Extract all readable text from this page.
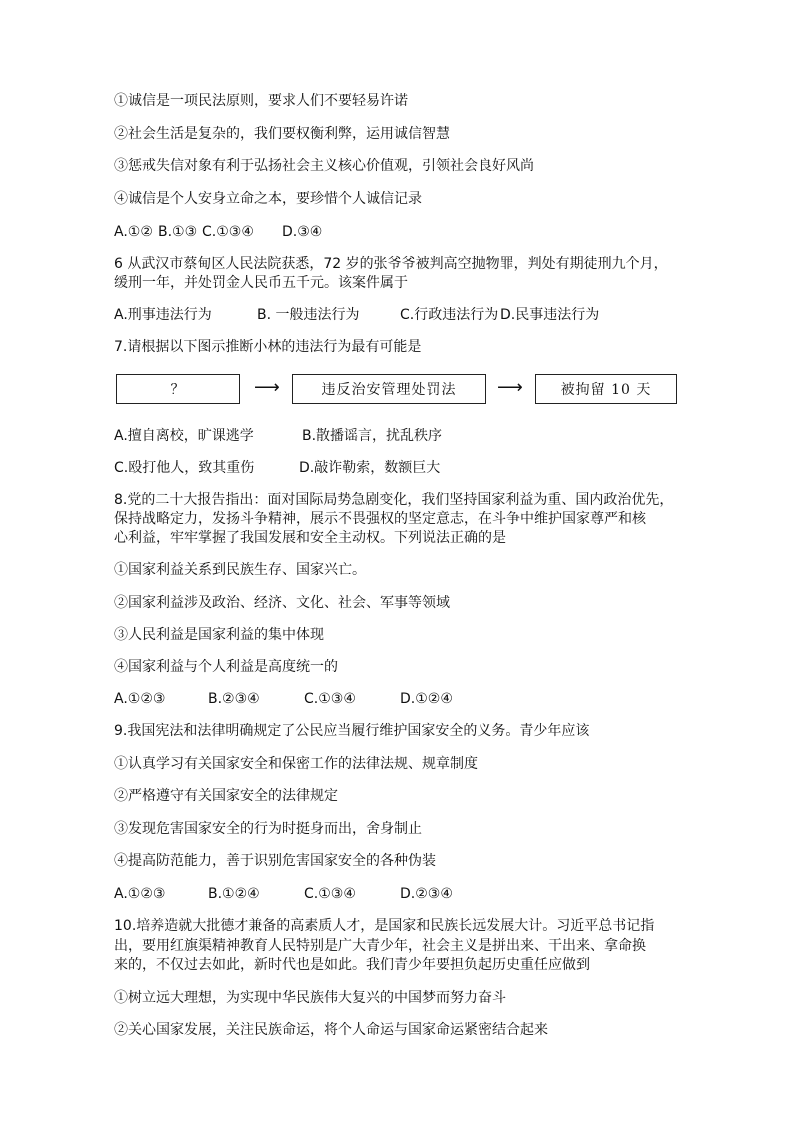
①诚信是一项民法原则，要求人们不要轻易许诺
②社会生活是复杂的，我们要权衡利弊，运用诚信智慧
③惩戒失信对象有利于弘扬社会主义核心价值观，引领社会良好风尚
④诚信是个人安身立命之本，要珍惜个人诚信记录
A.①② B.①③ C.①③④ D.③④
6 从武汉市蔡甸区人民法院获悉，72 岁的张爷爷被判高空抛物罪，判处有期徒刑九个月，
缓刑一年，并处罚金人民币五千元。该案件属于
A.刑事违法行为	B. 一般违法行为	C.行政违法行为 D.民事违法行为
7.请根据以下图示推断小林的违法行为最有可能是
？	⟶	违反治安管理处罚法	⟶	被拘留 10 天
A.擅自离校，旷课逃学	B.散播谣言，扰乱秩序
C.殴打他人，致其重伤	D.敲诈勒索，数额巨大
8.党的二十大报告指出：面对国际局势急剧变化，我们坚持国家利益为重、国内政治优先，
保持战略定力，发扬斗争精神，展示不畏强权的坚定意志，在斗争中维护国家尊严和核
心利益，牢牢掌握了我国发展和安全主动权。下列说法正确的是
①国家利益关系到民族生存、国家兴亡。
②国家利益涉及政治、经济、文化、社会、军事等领域
③人民利益是国家利益的集中体现
④国家利益与个人利益是高度统一的
A.①②③	B.②③④	C.①③④	D.①②④
9.我国宪法和法律明确规定了公民应当履行维护国家安全的义务。青少年应该
①认真学习有关国家安全和保密工作的法律法规、规章制度
②严格遵守有关国家安全的法律规定
③发现危害国家安全的行为时挺身而出，舍身制止
④提高防范能力，善于识别危害国家安全的各种伪装
A.①②③	B.①②④	C.①③④	D.②③④
10.培养造就大批德才兼备的高素质人才，是国家和民族长远发展大计。习近平总书记指
出，要用红旗渠精神教育人民特别是广大青少年，社会主义是拼出来、干出来、拿命换
来的，不仅过去如此，新时代也是如此。我们青少年要担负起历史重任应做到
①树立远大理想，为实现中华民族伟大复兴的中国梦而努力奋斗
②关心国家发展，关注民族命运，将个人命运与国家命运紧密结合起来
